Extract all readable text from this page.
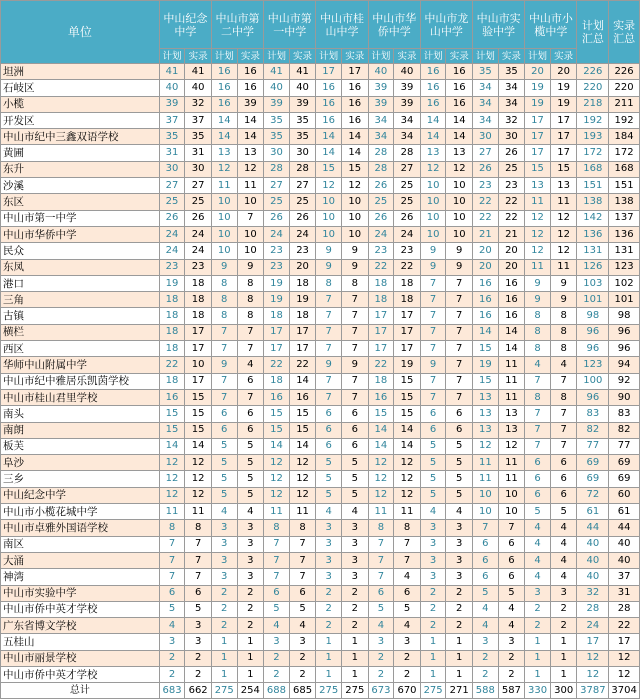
单位	中山纪念中学		中山市第二中学		中山市第一中学		中山市桂山中学		中山市华侨中学		中山市龙山中学		中山市实验中学		中山市小榄中学		计划汇总	实录汇总
	计划	实录	计划	实录	计划	实录	计划	实录	计划	实录	计划	实录	计划	实录	计划	实录		
坦洲	41	41	16	16	41	41	17	17	40	40	16	16	35	35	20	20	226	226
石岐区	40	40	16	16	40	40	16	16	39	39	16	16	34	34	19	19	220	220
小榄	39	32	16	39	39	39	16	16	39	39	16	16	34	34	19	19	218	211
开发区	37	37	14	14	35	35	16	16	34	34	14	14	34	32	17	17	192	192
中山市纪中三鑫双语学校	35	35	14	14	35	35	14	14	34	34	14	14	30	30	17	17	193	184
黄圃	31	31	13	13	30	30	14	14	28	28	13	13	27	26	17	17	172	172
东升	30	30	12	12	28	28	15	15	28	27	12	12	26	25	15	15	168	168
沙溪	27	27	11	11	27	27	12	12	26	25	10	10	23	23	13	13	151	151
东区	25	25	10	10	25	25	10	10	25	25	10	10	22	22	11	11	138	138
中山市第一中学	26	26	10	7	26	26	10	10	26	26	10	10	22	22	12	12	142	137
中山市华侨中学	24	24	10	10	24	24	10	10	24	24	10	10	21	21	12	12	136	136
民众	24	24	10	10	23	23	9	9	23	23	9	9	20	20	12	12	131	131
东凤	23	23	9	9	23	20	9	9	22	22	9	9	20	20	11	11	126	123
港口	19	18	8	8	19	18	8	8	18	18	7	7	16	16	9	9	103	102
三角	18	18	8	8	19	19	7	7	18	18	7	7	16	16	9	9	101	101
古镇	18	18	8	8	18	18	7	7	17	17	7	7	16	16	8	8	98	98
横栏	18	17	7	7	17	17	7	7	17	17	7	7	14	14	8	8	96	96
西区	18	17	7	7	17	17	7	7	17	17	7	7	15	14	8	8	96	96
华师中山附属中学	22	10	9	4	22	22	9	9	22	19	9	7	19	11	4	4	123	94
中山市纪中雅居乐凯茵学校	18	17	7	6	18	14	7	7	18	15	7	7	15	11	7	7	100	92
中山市桂山君里学校	16	15	7	7	16	16	7	7	16	15	7	7	13	11	8	8	96	90
南头	15	15	6	6	15	15	6	6	15	15	6	6	13	13	7	7	83	83
南朗	15	15	6	6	15	15	6	6	14	14	6	6	13	13	7	7	82	82
板芙	14	14	5	5	14	14	6	6	14	14	5	5	12	12	7	7	77	77
阜沙	12	12	5	5	12	12	5	5	12	12	5	5	11	11	6	6	69	69
三乡	12	12	5	5	12	12	5	5	12	12	5	5	11	11	6	6	69	69
中山纪念中学	12	12	5	5	12	12	5	5	12	12	5	5	10	10	6	6	72	60
中山市小榄花城中学	11	11	4	4	11	11	4	4	11	11	4	4	10	10	5	5	61	61
中山市卓雅外国语学校	8	8	3	3	8	8	3	3	8	8	3	3	7	7	4	4	44	44
南区	7	7	3	3	7	7	3	3	7	7	3	3	6	6	4	4	40	40
大涌	7	7	3	3	7	7	3	3	7	7	3	3	6	6	4	4	40	40
神湾	7	7	3	3	7	7	3	3	7	4	3	3	6	6	4	4	40	37
中山市实验中学	6	6	2	2	6	6	2	2	6	6	2	2	5	5	3	3	32	31
中山市侨中英才学校	5	5	2	2	5	5	2	2	5	5	2	2	4	4	2	2	28	28
广东省博文学校	4	3	2	2	4	4	2	2	4	4	2	2	4	4	2	2	24	22
五桂山	3	3	1	1	3	3	1	1	3	3	1	1	3	3	1	1	17	17
中山市丽景学校	2	2	1	1	2	2	1	1	2	2	1	1	2	2	1	1	12	12
中山市侨中英才学校	2	2	1	1	2	2	1	1	2	2	1	1	2	2	1	1	12	12
总计	683	662	275	254	688	685	275	275	673	670	275	271	588	587	330	300	3787	3704
